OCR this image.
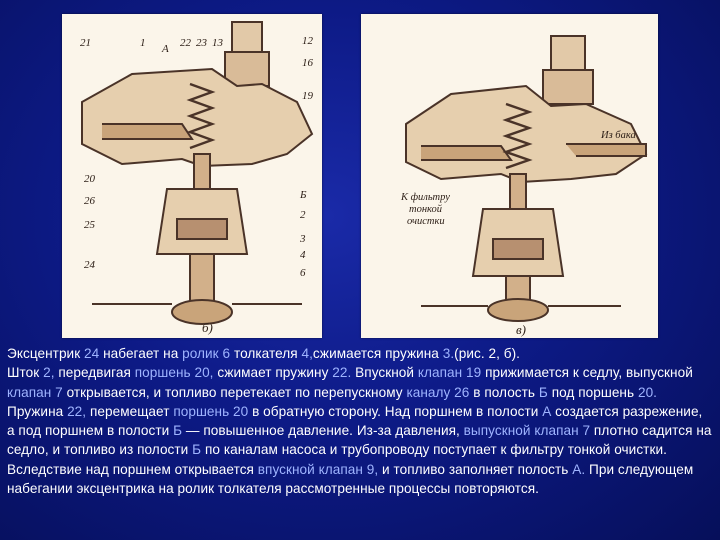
21	1 А 22 23 13	12
16
19
20
26
25
24
Б
2
3
4
6
б)
Из бака
К фильтру
тонкой
очистки
в)
Эксцентрик 24 набегает на ролик 6 толкателя 4,сжимается пружина 3.(рис. 2, б).
Шток 2, передвигая поршень 20, сжимает пружину 22. Впускной клапан 19 прижимается к седлу, выпускной клапан 7 открывается, и топливо перетекает по перепускному каналу 26 в полость Б под поршень 20. Пружина 22, перемещает поршень 20 в обратную сторону. Над поршнем в полости А создается разрежение, а под поршнем в полости Б — повышенное давление. Из-за давления, выпускной клапан 7 плотно садится на седло, и топливо из полости Б по каналам насоса и трубопроводу поступает к фильтру тонкой очистки. Вследствие над поршнем открывается впускной клапан 9, и топливо заполняет полость А. При следующем набегании эксцентрика на ролик толкателя рассмотренные процессы повторяются.
